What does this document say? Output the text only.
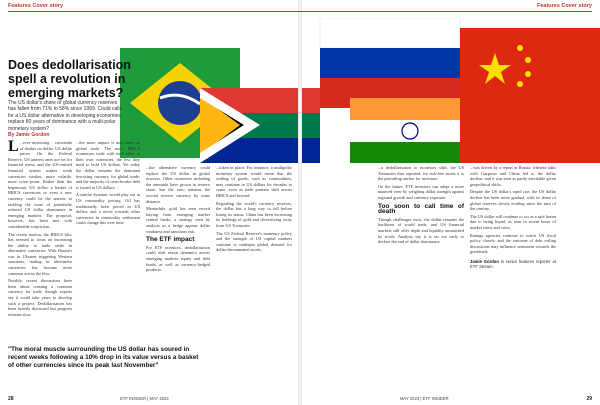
Features Cover story
Does dedollarisation spell a revolution in emerging markets?

The US dollar's share of global currency reserves has fallen from 71% to 58% since 1999. Could calls for a US dollar alternative in developing economies replace 80 years of dominance with a multi-polar monetary system?

By Jamie Gordon
L ...ever-increasing crescendo of doubts on dollar. US dollar prices. On the Federal Reserve, US interest rates are set for financial stress, and the US-centred financial system makes weak currencies weaker, more volatile, more crisis-prone. Rather than the hegemonic US dollar, a basket of BRICS currencies or even a new currency could be the answer to tackling the issue of potentially reduced US dollar dominance in emerging markets. The proposal, however, has been met with considerable scepticism...

The recent motion, the BRICS bloc has seemed to focus on increasing the ability to trade settle in alternative currencies. With Russia's war in Ukraine triggering Western sanctions, trading in alternative currencies has become more common across the bloc.

Notably, recent discussions have been about creating a common currency for trade, though experts say it could take years to develop such a project. Dedollarisation has been heavily discussed but progress remains slow.

...the more impact it may have on global trade. The more BRICS economies trade with each other in their own currencies, the less they need to hold US dollars. Yet today the dollar remains the dominant invoicing currency for global trade, and the majority of cross-border debt is issued in US dollars.

A similar dynamic would play out in US commodity pricing. Oil has traditionally been priced in US dollars and a move towards other currencies in commodity settlement could change this over time.

...the alternative currency could replace the US dollar in global reserves. Other currencies including the renminbi have grown in reserve share, but the euro remains the second reserve currency by some distance.

Meanwhile, gold has seen record buying from emerging market central banks, a strategy seen by analysts as a hedge against dollar weakness and sanctions risk.

The ETF impact

For ETF investors, dedollarisation could shift return dynamics across emerging markets equity and debt funds, as well as currency-hedged products.

...token in place. For instance, a multipolar monetary system would mean that the settling of goods, such as commodities, may continue in US dollars for decades to come, even as trade patterns shift across BRICS and beyond.

Regarding the world's currency reserves, the dollar has a long way to fall before losing its status. China has been increasing its holdings of gold and diversifying away from US Treasuries.

The US Federal Reserve's monetary policy and the strength of US capital markets continue to underpin global demand for dollar-denominated assets.

"The moral muscle surrounding the US dollar has soured in recent weeks following a 10% drop in its value versus a basket of other currencies since its peak last November"
28	ETF INSIDER | MAY 2023
Features Cover story

...a dedollarisation to monetary shift, the US Treasuries thus reported, for risk-free assets it is the prevailing anchor for investors.

On the future, ETF investors can adopt a more nuanced view by weighing dollar strength against regional growth and currency exposure.

Too soon to call time of death

Though challenges exist, the dollar remains the backbone of world trade, and US financial markets still offer depth and liquidity unmatched by rivals. Analysts say it is far too early to declare the end of dollar dominance.

...was driven by a report in Russia, wherein talks with Gazprom and China led to the dollar decline, and it was seen as partly inevitable given geopolitical shifts.

Despite the US dollar's rapid rise, the US dollar decline has been more gradual, with its share of global reserves slowly eroding since the turn of the century.

The US dollar will continue to act as a safe haven due to being liquid, as seen in recent bouts of market stress and crisis.

Ratings agencies continue to watch US fiscal policy closely, and the outcome of debt ceiling discussions may influence sentiment towards the greenback.

Jamie Gordon is senior features reporter at ETF Stream
MAY 2023 | ETF INSIDER	29
